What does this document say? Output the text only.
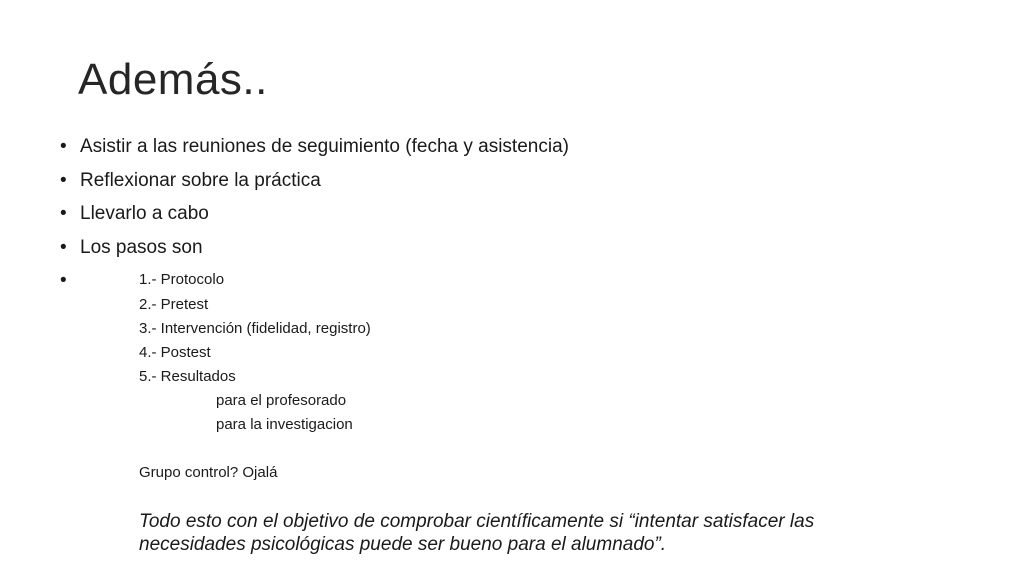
Además..
• Asistir a las reuniones de seguimiento (fecha y asistencia)
• Reflexionar sobre la práctica
• Llevarlo a cabo
• Los pasos son
•	1.- Protocolo
2.- Pretest
3.- Intervención (fidelidad, registro)
4.- Postest
5.- Resultados
para el profesorado
para la investigacion
Grupo control? Ojalá

Todo esto con el objetivo de comprobar científicamente si “intentar satisfacer las necesidades psicológicas puede ser bueno para el alumnado”.
